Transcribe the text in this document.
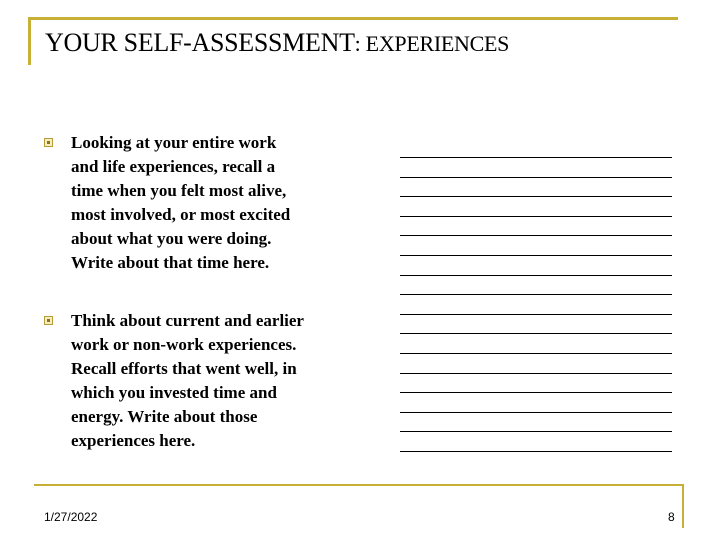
YOUR SELF-ASSESSMENT: EXPERIENCES
Looking at your entire work
and life experiences, recall a
time when you felt most alive,
most involved, or most excited
about what you were doing.
Write about that time here.
Think about current and earlier
work or non-work experiences.
Recall efforts that went well, in
which you invested time and
energy. Write about those
experiences here.
1/27/2022	8
